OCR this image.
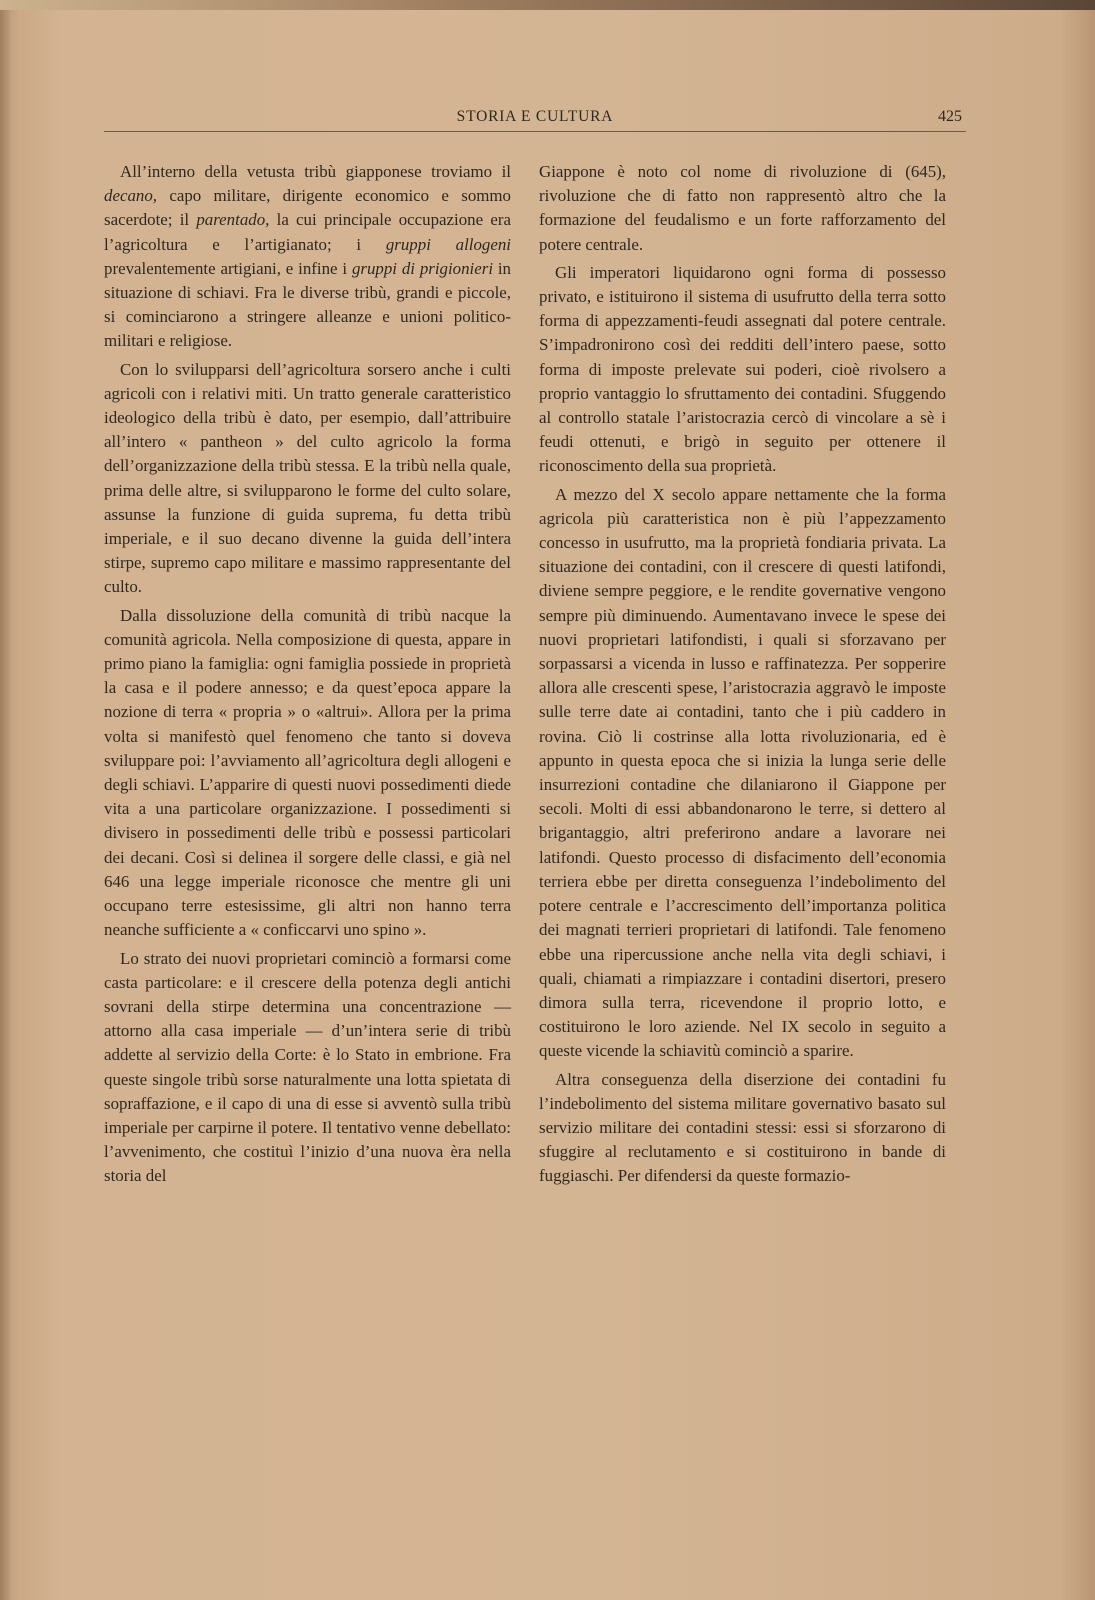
STORIA E CULTURA	425

All’interno della vetusta tribù giapponese troviamo il decano, capo militare, dirigente economico e sommo sacerdote; il parentado, la cui principale occupazione era l’agricoltura e l’artigianato; i gruppi allogeni prevalentemente artigiani, e infine i gruppi di prigionieri in situazione di schiavi. Fra le diverse tribù, grandi e piccole, si cominciarono a stringere alleanze e unioni politico-militari e religiose.

Con lo svilupparsi dell’agricoltura sorsero anche i culti agricoli con i relativi miti. Un tratto generale caratteristico ideologico della tribù è dato, per esempio, dall’attribuire all’intero « pantheon » del culto agricolo la forma dell’organizzazione della tribù stessa. E la tribù nella quale, prima delle altre, si svilupparono le forme del culto solare, assunse la funzione di guida suprema, fu detta tribù imperiale, e il suo decano divenne la guida dell’intera stirpe, supremo capo militare e massimo rappresentante del culto.

Dalla dissoluzione della comunità di tribù nacque la comunità agricola. Nella composizione di questa, appare in primo piano la famiglia: ogni famiglia possiede in proprietà la casa e il podere annesso; e da quest’epoca appare la nozione di terra « propria » o «altrui». Allora per la prima volta si manifestò quel fenomeno che tanto si doveva sviluppare poi: l’avviamento all’agricoltura degli allogeni e degli schiavi. L’apparire di questi nuovi possedimenti diede vita a una particolare organizzazione. I possedimenti si divisero in possedimenti delle tribù e possessi particolari dei decani. Così si delinea il sorgere delle classi, e già nel 646 una legge imperiale riconosce che mentre gli uni occupano terre estesissime, gli altri non hanno terra neanche sufficiente a « conficcarvi uno spino ».

Lo strato dei nuovi proprietari cominciò a formarsi come casta particolare: e il crescere della potenza degli antichi sovrani della stirpe determina una concentrazione — attorno alla casa imperiale — d’un’intera serie di tribù addette al servizio della Corte: è lo Stato in embrione. Fra queste singole tribù sorse naturalmente una lotta spietata di sopraffazione, e il capo di una di esse si avventò sulla tribù imperiale per carpirne il potere. Il tentativo venne debellato: l’avvenimento, che costituì l’inizio d’una nuova èra nella storia del

Giappone è noto col nome di rivoluzione di (645), rivoluzione che di fatto non rappresentò altro che la formazione del feudalismo e un forte rafforzamento del potere centrale.

Gli imperatori liquidarono ogni forma di possesso privato, e istituirono il sistema di usufrutto della terra sotto forma di appezzamenti-feudi assegnati dal potere centrale. S’impadronirono così dei redditi dell’intero paese, sotto forma di imposte prelevate sui poderi, cioè rivolsero a proprio vantaggio lo sfruttamento dei contadini. Sfuggendo al controllo statale l’aristocrazia cercò di vincolare a sè i feudi ottenuti, e brigò in seguito per ottenere il riconoscimento della sua proprietà.

A mezzo del X secolo appare nettamente che la forma agricola più caratteristica non è più l’appezzamento concesso in usufrutto, ma la proprietà fondiaria privata. La situazione dei contadini, con il crescere di questi latifondi, diviene sempre peggiore, e le rendite governative vengono sempre più diminuendo. Aumentavano invece le spese dei nuovi proprietari latifondisti, i quali si sforzavano per sorpassarsi a vicenda in lusso e raffinatezza. Per sopperire allora alle crescenti spese, l’aristocrazia aggravò le imposte sulle terre date ai contadini, tanto che i più caddero in rovina. Ciò li costrinse alla lotta rivoluzionaria, ed è appunto in questa epoca che si inizia la lunga serie delle insurrezioni contadine che dilaniarono il Giappone per secoli. Molti di essi abbandonarono le terre, si dettero al brigantaggio, altri preferirono andare a lavorare nei latifondi. Questo processo di disfacimento dell’economia terriera ebbe per diretta conseguenza l’indebolimento del potere centrale e l’accrescimento dell’importanza politica dei magnati terrieri proprietari di latifondi. Tale fenomeno ebbe una ripercussione anche nella vita degli schiavi, i quali, chiamati a rimpiazzare i contadini disertori, presero dimora sulla terra, ricevendone il proprio lotto, e costituirono le loro aziende. Nel IX secolo in seguito a queste vicende la schiavitù cominciò a sparire.

Altra conseguenza della diserzione dei contadini fu l’indebolimento del sistema militare governativo basato sul servizio militare dei contadini stessi: essi si sforzarono di sfuggire al reclutamento e si costituirono in bande di fuggiaschi. Per difendersi da queste formazio-
